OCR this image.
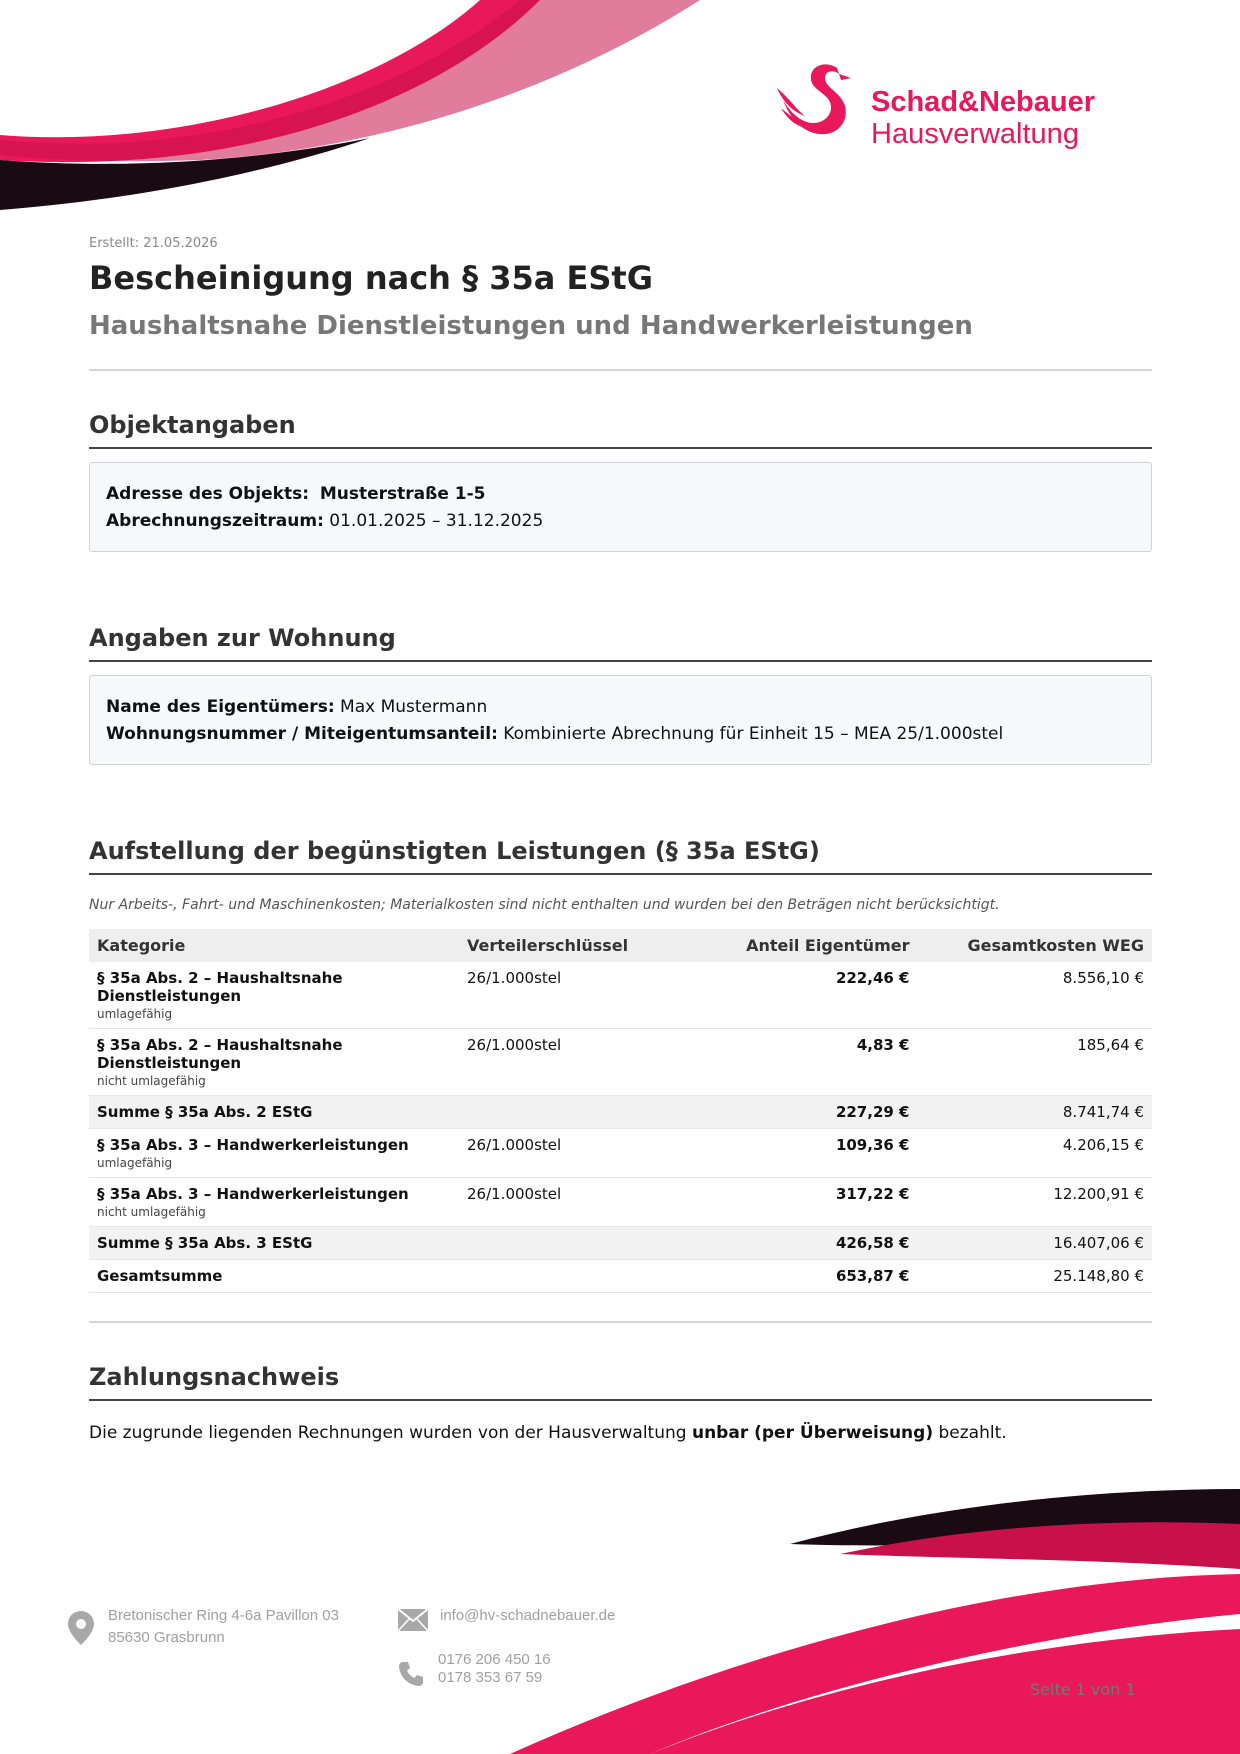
Schad&Nebauer
Hausverwaltung
Erstellt: 21.05.2026
Bescheinigung nach § 35a EStG
Haushaltsnahe Dienstleistungen und Handwerkerleistungen
Objektangaben
Adresse des Objekts: Musterstraße 1-5
Abrechnungszeitraum: 01.01.2025 – 31.12.2025
Angaben zur Wohnung
Name des Eigentümers: Max Mustermann
Wohnungsnummer / Miteigentumsanteil: Kombinierte Abrechnung für Einheit 15 – MEA 25/1.000stel
Aufstellung der begünstigten Leistungen (§ 35a EStG)
Nur Arbeits-, Fahrt- und Maschinenkosten; Materialkosten sind nicht enthalten und wurden bei den Beträgen nicht berücksichtigt.
Kategorie	Verteilerschlüssel	Anteil Eigentümer	Gesamtkosten WEG

§ 35a Abs. 2 – Haushaltsnahe Dienstleistungen
umlagefähig	26/1.000stel	222,46 €	8.556,10 €

§ 35a Abs. 2 – Haushaltsnahe Dienstleistungen
nicht umlagefähig	26/1.000stel	4,83 €	185,64 €
Summe § 35a Abs. 2 EStG		227,29 €	8.741,74 €

§ 35a Abs. 3 – Handwerkerleistungen
umlagefähig	26/1.000stel	109,36 €	4.206,15 €

§ 35a Abs. 3 – Handwerkerleistungen
nicht umlagefähig	26/1.000stel	317,22 €	12.200,91 €
Summe § 35a Abs. 3 EStG		426,58 €	16.407,06 €
Gesamtsumme		653,87 €	25.148,80 €
Zahlungsnachweis
Die zugrunde liegenden Rechnungen wurden von der Hausverwaltung unbar (per Überweisung) bezahlt.
Bretonischer Ring 4-6a Pavillon 03
85630 Grasbrunn
info@hv-schadnebauer.de
0176 206 450 16
0178 353 67 59
Seite 1 von 1
